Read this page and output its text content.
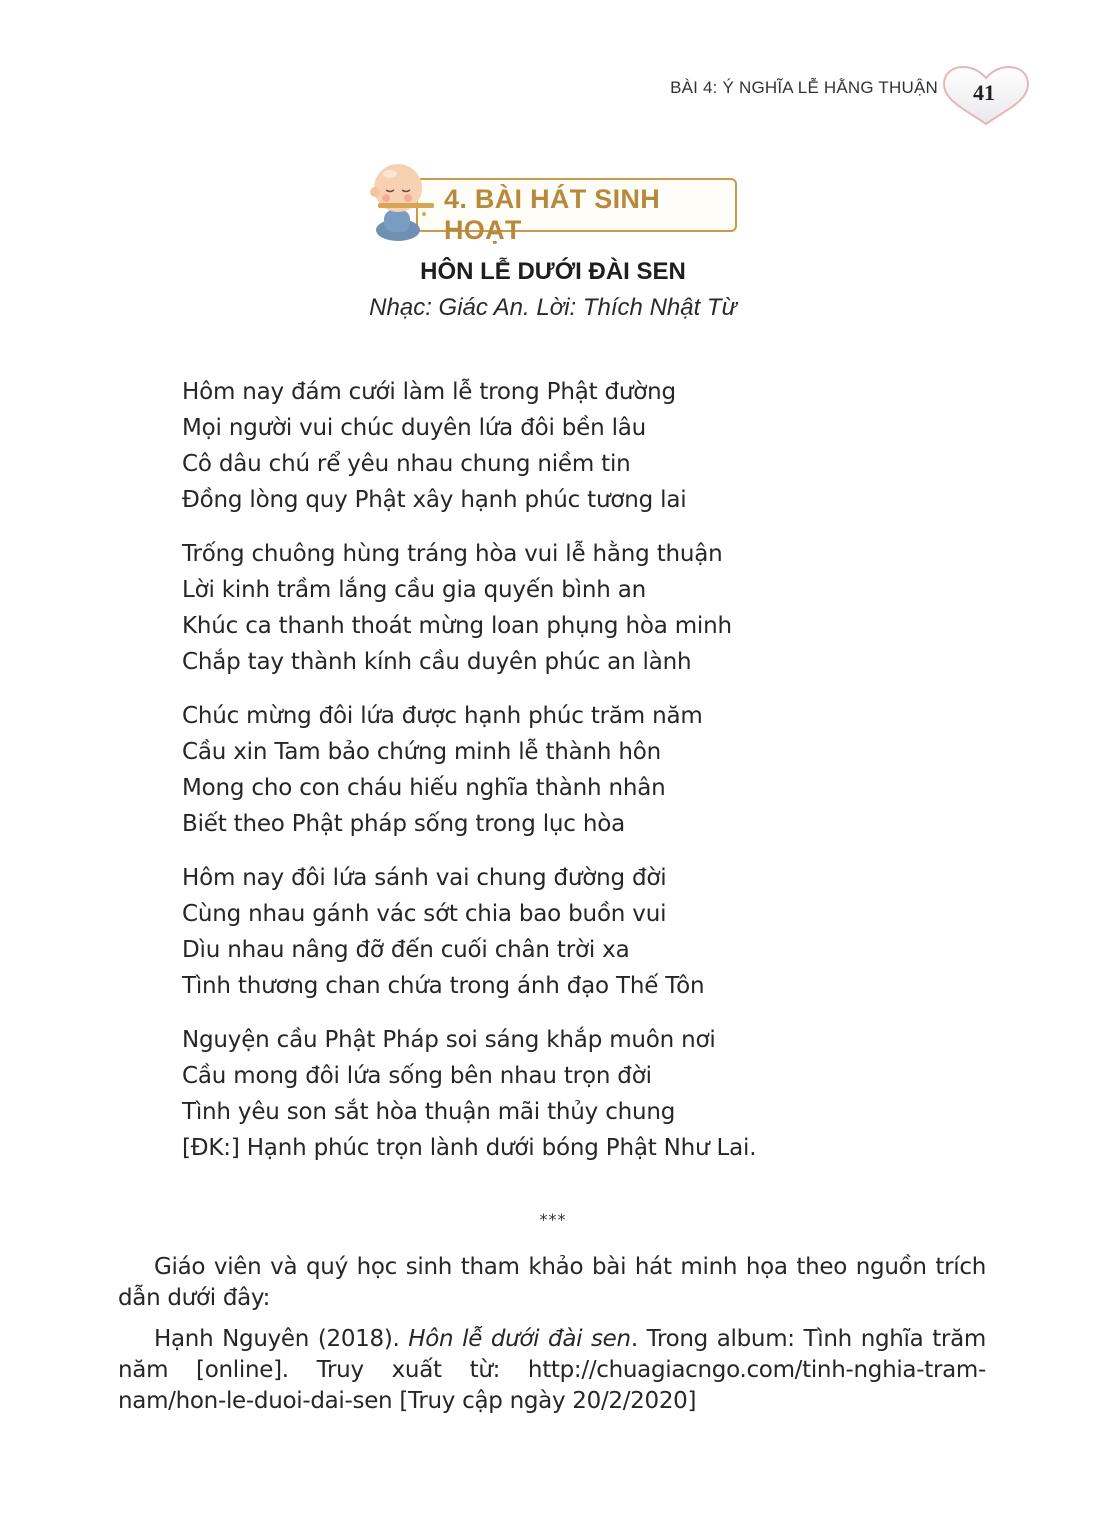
BÀI 4: Ý NGHĨA LỄ HẰNG THUẬN	41
4. BÀI HÁT SINH HOẠT
HÔN LỄ DƯỚI ĐÀI SEN
Nhạc: Giác An. Lời: Thích Nhật Từ
Hôm nay đám cưới làm lễ trong Phật đường
Mọi người vui chúc duyên lứa đôi bền lâu
Cô dâu chú rể yêu nhau chung niềm tin
Đồng lòng quy Phật xây hạnh phúc tương lai
Trống chuông hùng tráng hòa vui lễ hằng thuận
Lời kinh trầm lắng cầu gia quyến bình an
Khúc ca thanh thoát mừng loan phụng hòa minh
Chắp tay thành kính cầu duyên phúc an lành
Chúc mừng đôi lứa được hạnh phúc trăm năm
Cầu xin Tam bảo chứng minh lễ thành hôn
Mong cho con cháu hiếu nghĩa thành nhân
Biết theo Phật pháp sống trong lục hòa
Hôm nay đôi lứa sánh vai chung đường đời
Cùng nhau gánh vác sớt chia bao buồn vui
Dìu nhau nâng đỡ đến cuối chân trời xa
Tình thương chan chứa trong ánh đạo Thế Tôn
Nguyện cầu Phật Pháp soi sáng khắp muôn nơi
Cầu mong đôi lứa sống bên nhau trọn đời
Tình yêu son sắt hòa thuận mãi thủy chung
[ĐK:] Hạnh phúc trọn lành dưới bóng Phật Như Lai.
***
Giáo viên và quý học sinh tham khảo bài hát minh họa theo nguồn trích dẫn dưới đây:
Hạnh Nguyên (2018). Hôn lễ dưới đài sen. Trong album: Tình nghĩa trăm năm [online]. Truy xuất từ: http://chuagiacngo.com/tinh-nghia-tram-nam/hon-le-duoi-dai-sen [Truy cập ngày 20/2/2020]
